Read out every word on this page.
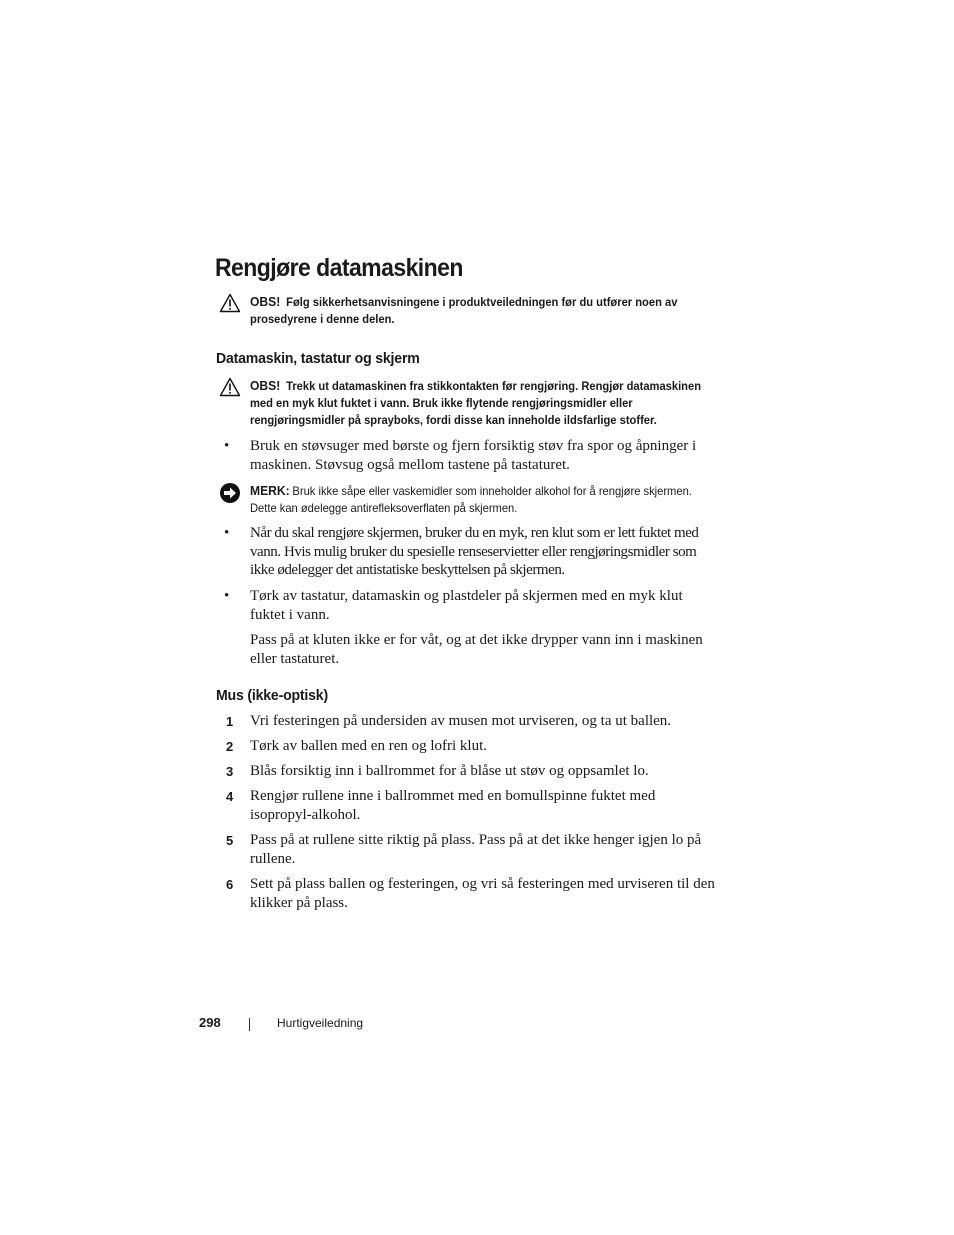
Rengjøre datamaskinen
OBS! Følg sikkerhetsanvisningene i produktveiledningen før du utfører noen av prosedyrene i denne delen.
Datamaskin, tastatur og skjerm
OBS! Trekk ut datamaskinen fra stikkontakten før rengjøring. Rengjør datamaskinen med en myk klut fuktet i vann. Bruk ikke flytende rengjøringsmidler eller rengjøringsmidler på sprayboks, fordi disse kan inneholde ildsfarlige stoffer.
• Bruk en støvsuger med børste og fjern forsiktig støv fra spor og åpninger i maskinen. Støvsug også mellom tastene på tastaturet.
MERK: Bruk ikke såpe eller vaskemidler som inneholder alkohol for å rengjøre skjermen. Dette kan ødelegge antirefleksoverflaten på skjermen.
• Når du skal rengjøre skjermen, bruker du en myk, ren klut som er lett fuktet med vann. Hvis mulig bruker du spesielle renseservietter eller rengjøringsmidler som ikke ødelegger det antistatiske beskyttelsen på skjermen.
• Tørk av tastatur, datamaskin og plastdeler på skjermen med en myk klut fuktet i vann.
Pass på at kluten ikke er for våt, og at det ikke drypper vann inn i maskinen eller tastaturet.
Mus (ikke-optisk)
1 Vri festeringen på undersiden av musen mot urviseren, og ta ut ballen.
2 Tørk av ballen med en ren og lofri klut.
3 Blås forsiktig inn i ballrommet for å blåse ut støv og oppsamlet lo.
4 Rengjør rullene inne i ballrommet med en bomullspinne fuktet med isopropyl-alkohol.
5 Pass på at rullene sitte riktig på plass. Pass på at det ikke henger igjen lo på rullene.
6 Sett på plass ballen og festeringen, og vri så festeringen med urviseren til den klikker på plass.
298	Hurtigveiledning
